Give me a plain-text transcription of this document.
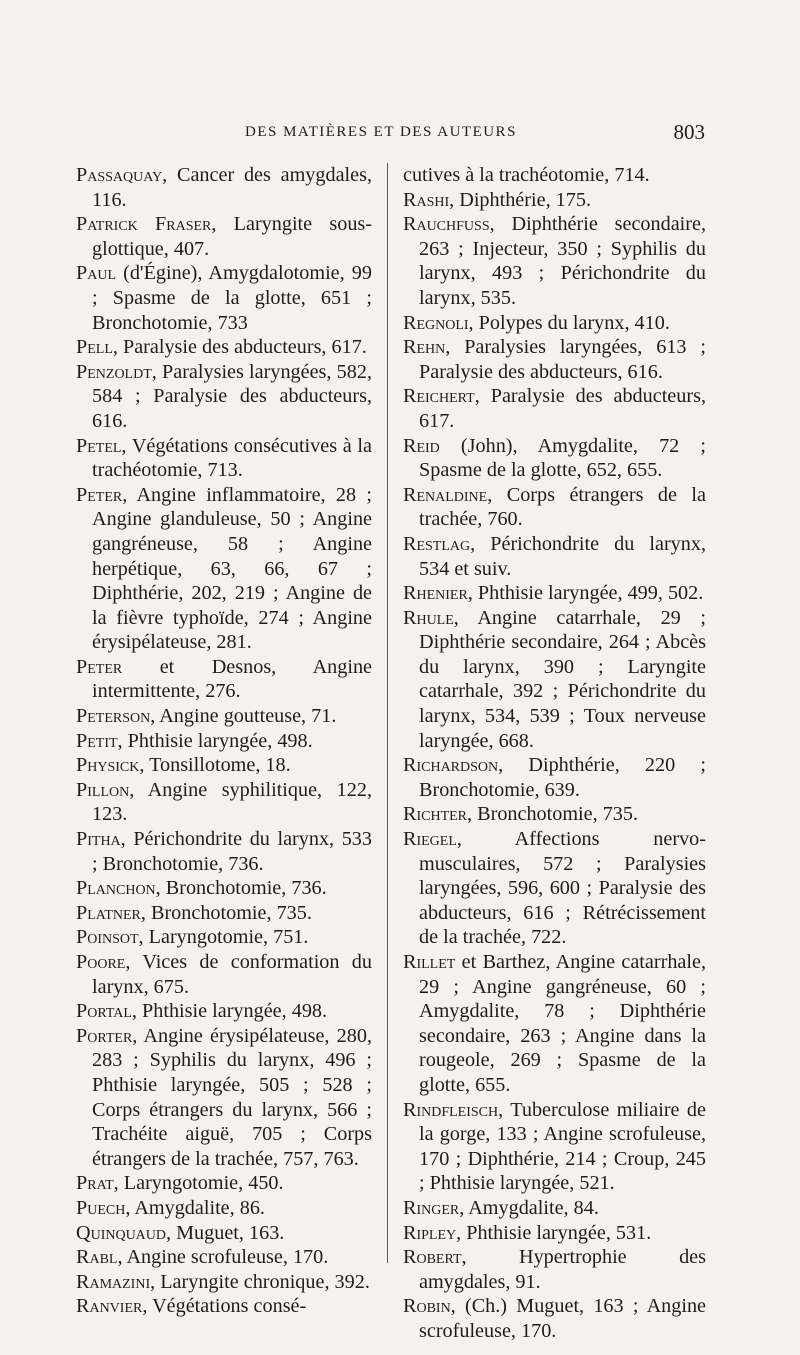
DES MATIÈRES ET DES AUTEURS	803
Passaquay, Cancer des amygdales, 116.
Patrick Fraser, Laryngite sous-glottique, 407.
Paul (d'Égine), Amygdalotomie, 99 ; Spasme de la glotte, 651 ; Bronchotomie, 733
Pell, Paralysie des abducteurs, 617.
Penzoldt, Paralysies laryngées, 582, 584 ; Paralysie des abducteurs, 616.
Petel, Végétations consécutives à la trachéotomie, 713.
Peter, Angine inflammatoire, 28 ; Angine glanduleuse, 50 ; Angine gangréneuse, 58 ; Angine herpétique, 63, 66, 67 ; Diphthérie, 202, 219 ; Angine de la fièvre typhoïde, 274 ; Angine érysipélateuse, 281.
Peter et Desnos, Angine intermittente, 276.
Peterson, Angine goutteuse, 71.
Petit, Phthisie laryngée, 498.
Physick, Tonsillotome, 18.
Pillon, Angine syphilitique, 122, 123.
Pitha, Périchondrite du larynx, 533 ; Bronchotomie, 736.
Planchon, Bronchotomie, 736.
Platner, Bronchotomie, 735.
Poinsot, Laryngotomie, 751.
Poore, Vices de conformation du larynx, 675.
Portal, Phthisie laryngée, 498.
Porter, Angine érysipélateuse, 280, 283 ; Syphilis du larynx, 496 ; Phthisie laryngée, 505 ; 528 ; Corps étrangers du larynx, 566 ; Trachéite aiguë, 705 ; Corps étrangers de la trachée, 757, 763.
Prat, Laryngotomie, 450.
Puech, Amygdalite, 86.
Quinquaud, Muguet, 163.
Rabl, Angine scrofuleuse, 170.
Ramazini, Laryngite chronique, 392.
Ranvier, Végétations consé-
cutives à la trachéotomie, 714.
Rashi, Diphthérie, 175.
Rauchfuss, Diphthérie secondaire, 263 ; Injecteur, 350 ; Syphilis du larynx, 493 ; Périchondrite du larynx, 535.
Regnoli, Polypes du larynx, 410.
Rehn, Paralysies laryngées, 613 ; Paralysie des abducteurs, 616.
Reichert, Paralysie des abducteurs, 617.
Reid (John), Amygdalite, 72 ; Spasme de la glotte, 652, 655.
Renaldine, Corps étrangers de la trachée, 760.
Restlag, Périchondrite du larynx, 534 et suiv.
Rhenier, Phthisie laryngée, 499, 502.
Rhule, Angine catarrhale, 29 ; Diphthérie secondaire, 264 ; Abcès du larynx, 390 ; Laryngite catarrhale, 392 ; Périchondrite du larynx, 534, 539 ; Toux nerveuse laryngée, 668.
Richardson, Diphthérie, 220 ; Bronchotomie, 639.
Richter, Bronchotomie, 735.
Riegel, Affections nervo-musculaires, 572 ; Paralysies laryngées, 596, 600 ; Paralysie des abducteurs, 616 ; Rétrécissement de la trachée, 722.
Rillet et Barthez, Angine catarrhale, 29 ; Angine gangréneuse, 60 ; Amygdalite, 78 ; Diphthérie secondaire, 263 ; Angine dans la rougeole, 269 ; Spasme de la glotte, 655.
Rindfleisch, Tuberculose miliaire de la gorge, 133 ; Angine scrofuleuse, 170 ; Diphthérie, 214 ; Croup, 245 ; Phthisie laryngée, 521.
Ringer, Amygdalite, 84.
Ripley, Phthisie laryngée, 531.
Robert, Hypertrophie des amygdales, 91.
Robin, (Ch.) Muguet, 163 ; Angine scrofuleuse, 170.
